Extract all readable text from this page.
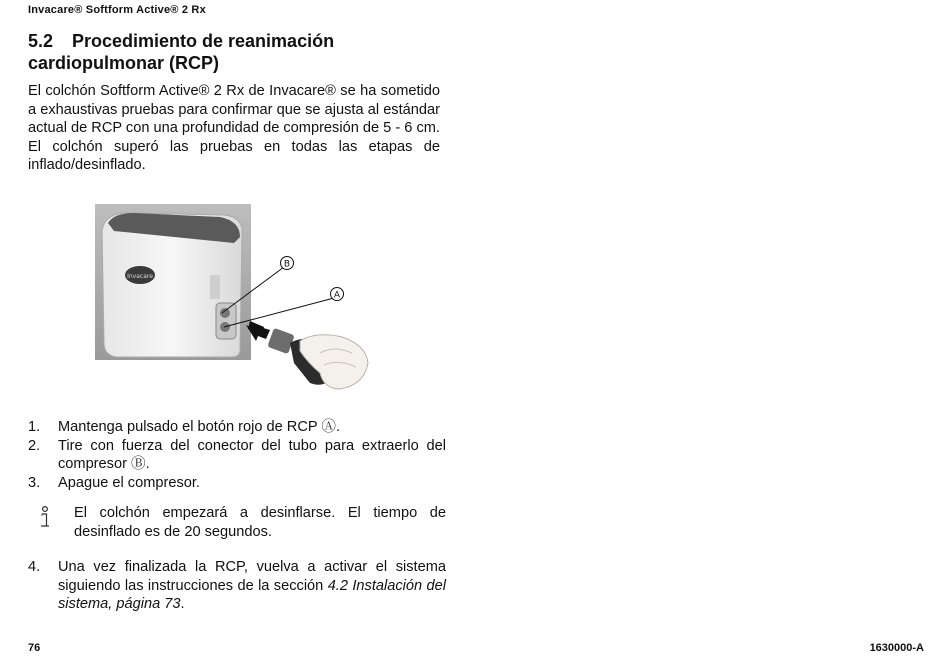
Invacare® Softform Active® 2 Rx
5.2 Procedimiento de reanimación cardiopulmonar (RCP)
El colchón Softform Active® 2 Rx de Invacare® se ha sometido a exhaustivas pruebas para confirmar que se ajusta al estándar actual de RCP con una profundidad de compresión de 5 - 6 cm. El colchón superó las pruebas en todas las etapas de inflado/desinflado.
Invacare
B
A
1.	Mantenga pulsado el botón rojo de RCP Ⓐ.
2.	Tire con fuerza del conector del tubo para extraerlo del compresor Ⓑ.
3.	Apague el compresor.
El colchón empezará a desinflarse. El tiempo de desinflado es de 20 segundos.
4.	Una vez finalizada la RCP, vuelva a activar el sistema siguiendo las instrucciones de la sección 4.2 Instalación del sistema, página 73.
76	1630000-A
